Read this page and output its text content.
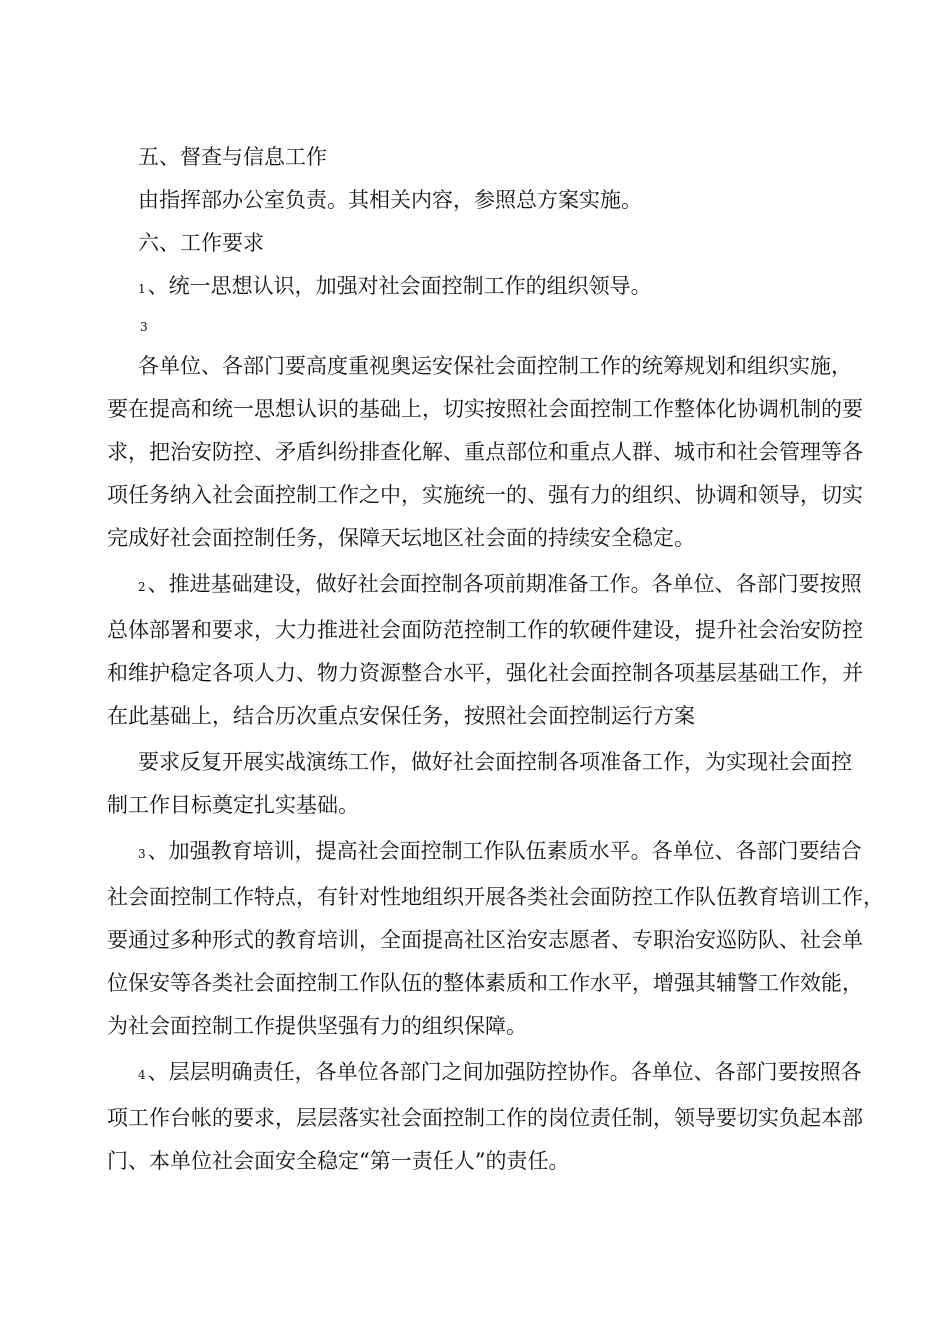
五、督查与信息工作
由指挥部办公室负责。其相关内容，参照总方案实施。
六、工作要求
1、统一思想认识，加强对社会面控制工作的组织领导。
3
各单位、各部门要高度重视奥运安保社会面控制工作的统筹规划和组织实施，
要在提高和统一思想认识的基础上，切实按照社会面控制工作整体化协调机制的要
求，把治安防控、矛盾纠纷排查化解、重点部位和重点人群、城市和社会管理等各
项任务纳入社会面控制工作之中，实施统一的、强有力的组织、协调和领导，切实
完成好社会面控制任务，保障天坛地区社会面的持续安全稳定。
2、推进基础建设，做好社会面控制各项前期准备工作。各单位、各部门要按照
总体部署和要求，大力推进社会面防范控制工作的软硬件建设，提升社会治安防控
和维护稳定各项人力、物力资源整合水平，强化社会面控制各项基层基础工作，并
在此基础上，结合历次重点安保任务，按照社会面控制运行方案
要求反复开展实战演练工作，做好社会面控制各项准备工作，为实现社会面控
制工作目标奠定扎实基础。
3、加强教育培训，提高社会面控制工作队伍素质水平。各单位、各部门要结合
社会面控制工作特点，有针对性地组织开展各类社会面防控工作队伍教育培训工作，
要通过多种形式的教育培训，全面提高社区治安志愿者、专职治安巡防队、社会单
位保安等各类社会面控制工作队伍的整体素质和工作水平，增强其辅警工作效能，
为社会面控制工作提供坚强有力的组织保障。
4、层层明确责任，各单位各部门之间加强防控协作。各单位、各部门要按照各
项工作台帐的要求，层层落实社会面控制工作的岗位责任制，领导要切实负起本部
门、本单位社会面安全稳定“第一责任人”的责任。
